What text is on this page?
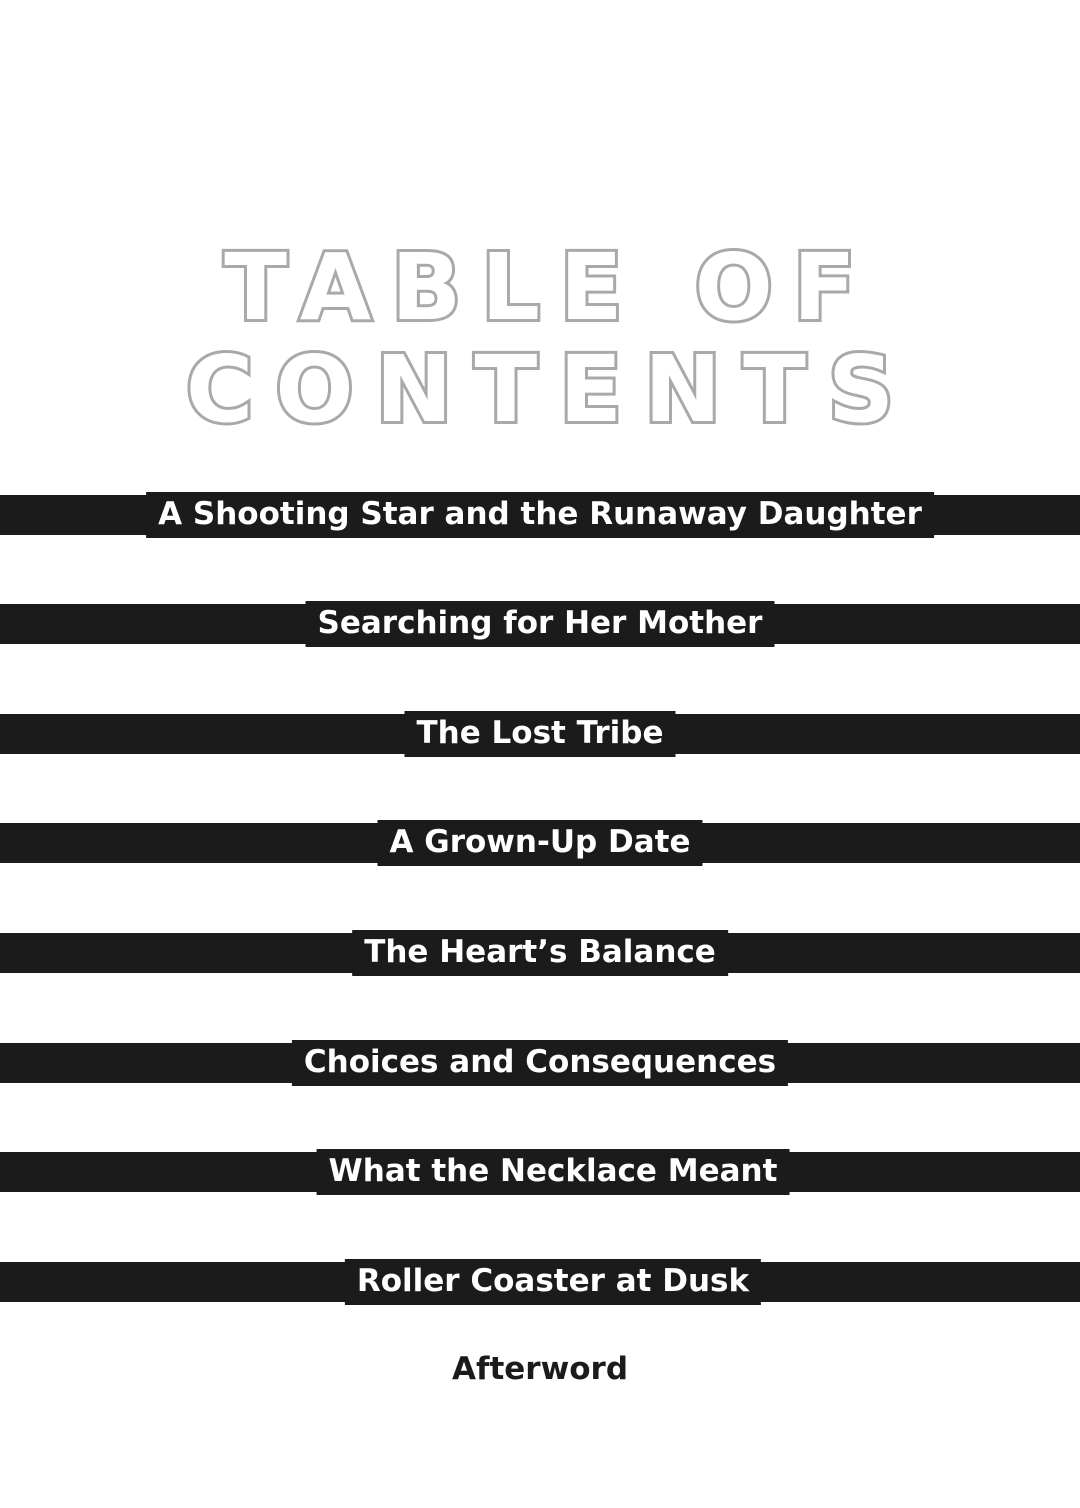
TABLE OF
CONTENTS
A Shooting Star and the Runaway Daughter
Searching for Her Mother
The Lost Tribe
A Grown-Up Date
The Heart’s Balance
Choices and Consequences
What the Necklace Meant
Roller Coaster at Dusk
Afterword
